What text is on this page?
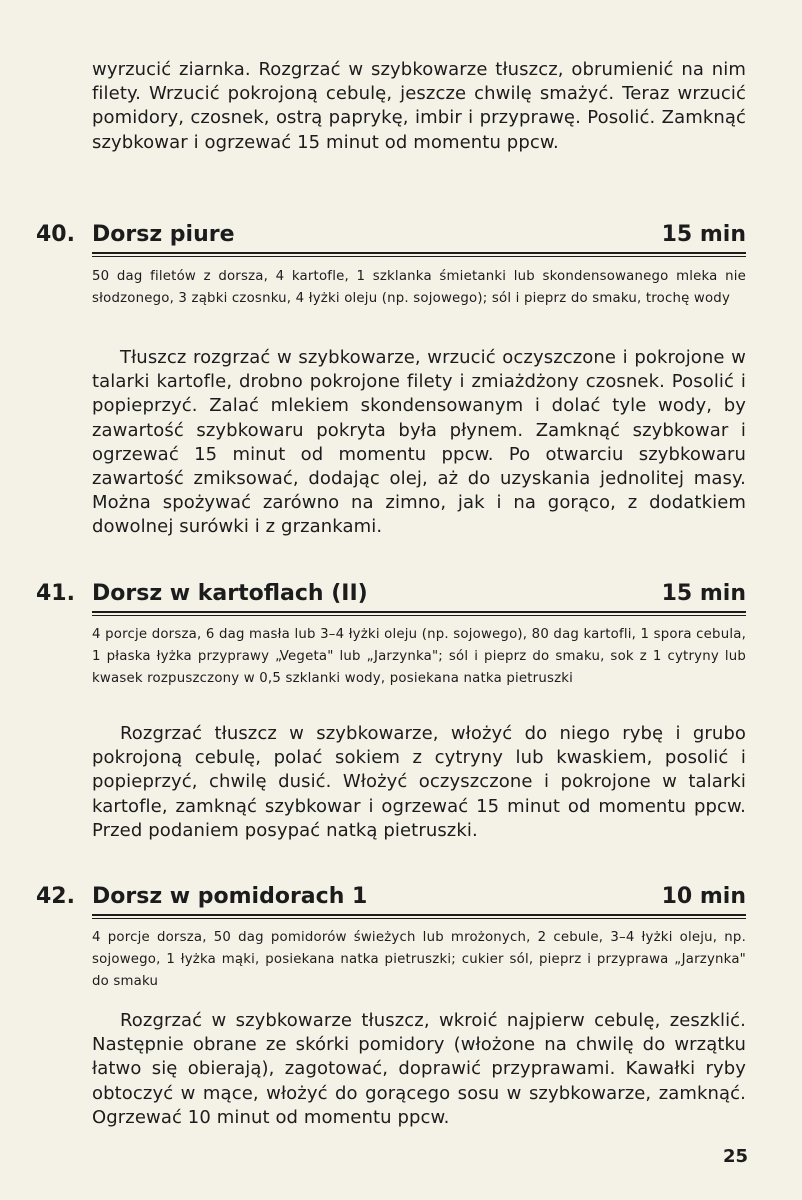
wyrzucić ziarnka. Rozgrzać w szybkowarze tłuszcz, obrumienić na nim filety. Wrzucić pokrojoną cebulę, jeszcze chwilę smażyć. Teraz wrzucić pomidory, czosnek, ostrą paprykę, imbir i przyprawę. Posolić. Zamknąć szybkowar i ogrzewać 15 minut od momentu ppcw.

40. Dorsz piure	15 min

50 dag filetów z dorsza, 4 kartofle, 1 szklanka śmietanki lub skondensowanego mleka nie słodzonego, 3 ząbki czosnku, 4 łyżki oleju (np. sojowego); sól i pieprz do smaku, trochę wody

Tłuszcz rozgrzać w szybkowarze, wrzucić oczyszczone i pokrojone w talarki kartofle, drobno pokrojone filety i zmiażdżony czosnek. Posolić i popieprzyć. Zalać mlekiem skondensowanym i dolać tyle wody, by zawartość szybkowaru pokryta była płynem. Zamknąć szybkowar i ogrzewać 15 minut od momentu ppcw. Po otwarciu szybkowaru zawartość zmiksować, dodając olej, aż do uzyskania jednolitej masy. Można spożywać zarówno na zimno, jak i na gorąco, z dodatkiem dowolnej surówki i z grzankami.

41. Dorsz w kartoflach (II)	15 min

4 porcje dorsza, 6 dag masła lub 3–4 łyżki oleju (np. sojowego), 80 dag kartofli, 1 spora cebula, 1 płaska łyżka przyprawy „Vegeta" lub „Jarzynka"; sól i pieprz do smaku, sok z 1 cytryny lub kwasek rozpuszczony w 0,5 szklanki wody, posiekana natka pietruszki

Rozgrzać tłuszcz w szybkowarze, włożyć do niego rybę i grubo pokrojoną cebulę, polać sokiem z cytryny lub kwaskiem, posolić i popieprzyć, chwilę dusić. Włożyć oczyszczone i pokrojone w talarki kartofle, zamknąć szybkowar i ogrzewać 15 minut od momentu ppcw. Przed podaniem posypać natką pietruszki.

42. Dorsz w pomidorach 1	10 min

4 porcje dorsza, 50 dag pomidorów świeżych lub mrożonych, 2 cebule, 3–4 łyżki oleju, np. sojowego, 1 łyżka mąki, posiekana natka pietruszki; cukier sól, pieprz i przyprawa „Jarzynka" do smaku

Rozgrzać w szybkowarze tłuszcz, wkroić najpierw cebulę, zeszklić. Następnie obrane ze skórki pomidory (włożone na chwilę do wrzątku łatwo się obierają), zagotować, doprawić przyprawami. Kawałki ryby obtoczyć w mące, włożyć do gorącego sosu w szybkowarze, zamknąć. Ogrzewać 10 minut od momentu ppcw.

25
